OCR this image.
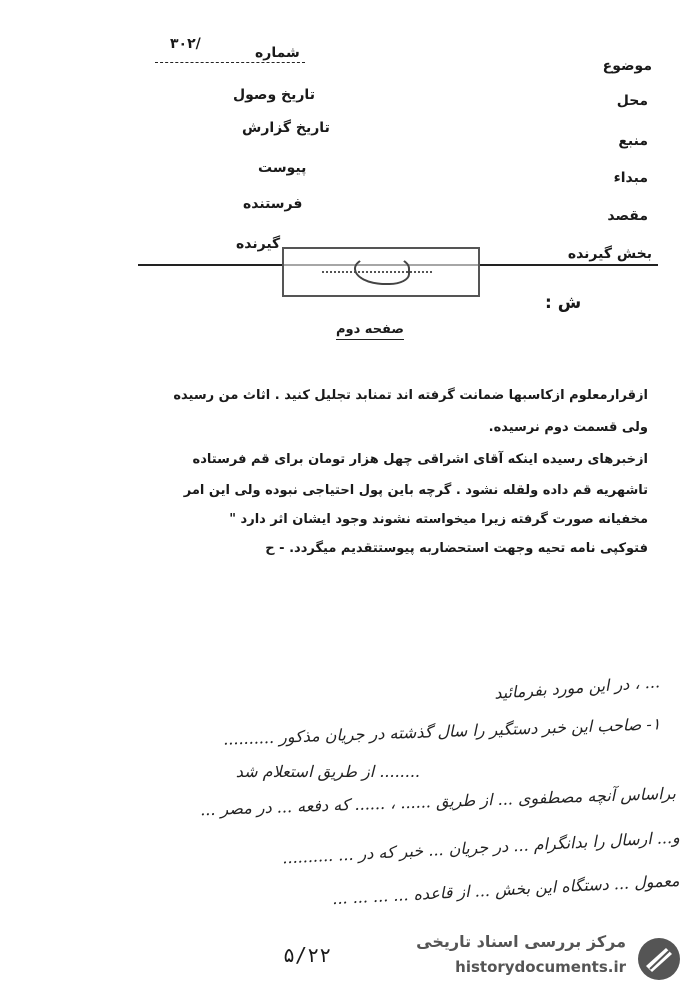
موضوع
محل
منبع
مبداء
مقصد
بخش گیرنده
۳۰۲/
شماره
تاریخ وصول
تاریخ گزارش
پیوست
فرستنده
گیرنده
ش :
صفحه دوم
ازقرارمعلوم ازکاسبها ضمانت گرفته اند تمنابد تجلیل کنید . اثاث من رسیده
ولی قسمت دوم نرسیده.
ازخبرهای رسیده اینکه آقای اشراقی چهل هزار تومان برای قم فرستاده
تاشهریه قم داده ولقله نشود . گرچه باین پول احتیاجی نبوده ولی این امر
مخفیانه صورت گرفته زیرا میخواسته نشوند وجود ایشان اثر دارد "
فتوکپی نامه تحیه وجهت استحضاربه پیوستتقدیم میگردد. - ح
... ، در این مورد بفرمائید
۱- صاحب این خبر دستگیر را سال گذشته در جریان مذکور ..........
........ از طریق استعلام شد
براساس آنچه مصطفوی ... از طریق ...... ، ...... که دفعه ... در مصر ...
و... ارسال را بدانگرام ... در جریان ... خبر که در ... ..........
معمول ... دستگاه این بخش ... از قاعده ... ... ... ...
۵/۲۲
مرکز بررسی اسناد تاریخی
historydocuments.ir
